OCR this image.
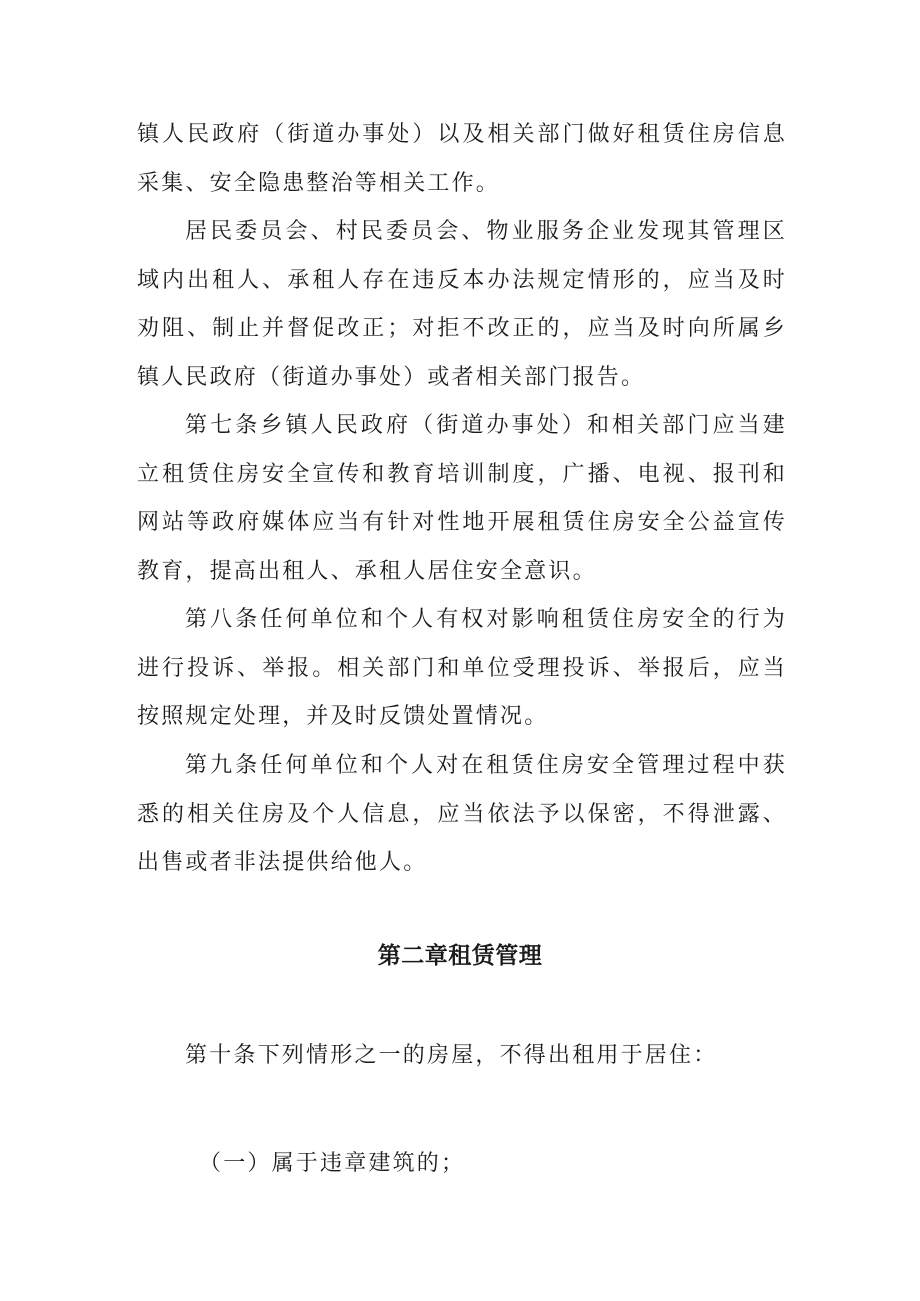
镇人民政府（街道办事处）以及相关部门做好租赁住房信息采集、安全隐患整治等相关工作。

居民委员会、村民委员会、物业服务企业发现其管理区域内出租人、承租人存在违反本办法规定情形的，应当及时劝阻、制止并督促改正；对拒不改正的，应当及时向所属乡镇人民政府（街道办事处）或者相关部门报告。

第七条乡镇人民政府（街道办事处）和相关部门应当建立租赁住房安全宣传和教育培训制度，广播、电视、报刊和网站等政府媒体应当有针对性地开展租赁住房安全公益宣传教育，提高出租人、承租人居住安全意识。

第八条任何单位和个人有权对影响租赁住房安全的行为进行投诉、举报。相关部门和单位受理投诉、举报后，应当按照规定处理，并及时反馈处置情况。

第九条任何单位和个人对在租赁住房安全管理过程中获悉的相关住房及个人信息，应当依法予以保密，不得泄露、出售或者非法提供给他人。

第二章租赁管理

第十条下列情形之一的房屋，不得出租用于居住：

（一）属于违章建筑的；
